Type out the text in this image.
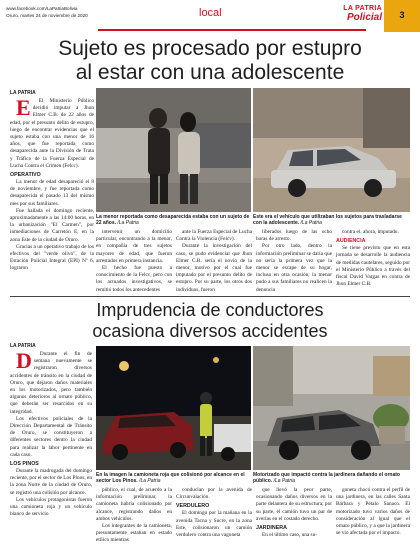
www.facebook.com/LaPatriaBolivia
Oruro, martes 24 de noviembre de 2020	local	LA PATRIA
Policial	3
Sujeto es procesado por estupro
al estar con una adolescente
LA PATRIA

E El Ministerio Público decidió imputar a Jhon Elmer C.B. de 22 años de edad, por el presunto delito de estupro, luego de encontrar evidencias que el sujeto estaba con una menor de 16 años, que fue reportada como desaparecida ante la División de Trata y Tráfico de la Fuerza Especial de Lucha Contra el Crimen (Felcc).

OPERATIVO

La menor de edad desapareció el 8 de noviembre, y fue reportada como desaparecida el pasado 13 del mismo mes por sus familiares.

Fue hallada el domingo reciente, aproximadamente a las 14:00 horas, en la urbanización "El Carmen", por inmediaciones de Carretón E, en la zona Este de la ciudad de Oruro.

Gracias a un operativo trabajo de los efectivos del "verde olivo", de la Estación Policial Integral (EPI) Nº 6, lograron

La menor reportada como desaparecida estaba con un sujeto de 22 años. /La Patria
Este era el vehículo que utilizaban los sujetos para trasladarse con la adolescente. /La Patria

intervenir un domicilio particular, encontrando a la menor, en compañía de tres sujetos mayores de edad, que fueron arrestados en primera instancia.

El hecho fue puesto a conocimiento de la Felcc, pero con los actuados investigativos, se remitió todos los antecedentes

ante la Fuerza Especial de Lucha Contra la Violencia (Felcv).

Durante la investigación del caso, se pudo evidenciar que Jhon Elmer C.B. sería el novio de la menor, motivo por el cual fue imputado por el presunto delito de estupro. Por su parte, los otros dos individuos, fueron

liberados luego de las ocho horas de arresto.

Por otro lado, dentro la información preliminar se daría que no sería la primera vez que la menor se escape de su hogar, incluso en otra ocasión, la menor pudo a sus familiares no realicen la denuncia

contra el, ahora, imputado.

AUDIENCIA

Se tiene previsto que en esta jornada se desarrolle la audiencia de medidas cautelares, seguido por el Ministerio Público a través del fiscal David Vargas en contra de Jhon Elmer C.B.

Imprudencia de conductores
ocasiona diversos accidentes
LA PATRIA

D Durante el fin de semana nuevamente se registraron diversos accidentes de tránsito en la ciudad de Oruro, que dejaron daños materiales en los motorizados, pero también algunos deterioros al ornato público, que deberán ser resarcidos en su integridad.

Los efectivos policiales de la Dirección Departamental de Tránsito de Oruro, se constituyeron a diferentes sectores dentro la ciudad para realizar la labor pertinente en cada caso.

LOS PINOS

Durante la madrugada del domingo reciente, por el sector de Los Pinos, en la zona Norte de la ciudad de Oruro, se registró una colisión por alcance.

Los vehículos protagonistas fueron una camioneta roja y un vehículo blanco de servicio

En la imagen la camioneta roja que colisionó por alcance en el sector Los Pinos. /La Patria
Motorizado que impactó contra la jardinera dañando el ornato público. /La Patria

público, el cual, de acuerdo a la información preliminar, la camioneta habría colisionado por alcance, registrando daños en ambos vehículos.

Los integrantes de la camioneta, presuntamente estaban en estado etílico mientras

conducían por la avenida de Circunvalación.

VERDULERO

El domingo por la mañana en la avenida Tacna y Sucre, en la zona Este, colisionaron un camión verdulero contra una vagoneta

que llevó la peor parte, ocasionando daños diversos en la parte delantera de su estructura; por su parte, el camión tuvo un par de averías en el costado derecho.

JARDINERA

En el último caso, una su-

goneta chocó contra el perfil de una jardinera, en las calles Santa Bárbara y Pétalo Sanaco. El motorizado tuvo varios daños de consideración al igual que el ornato público, y a que la jardinera se vio afectada por el impacto.
